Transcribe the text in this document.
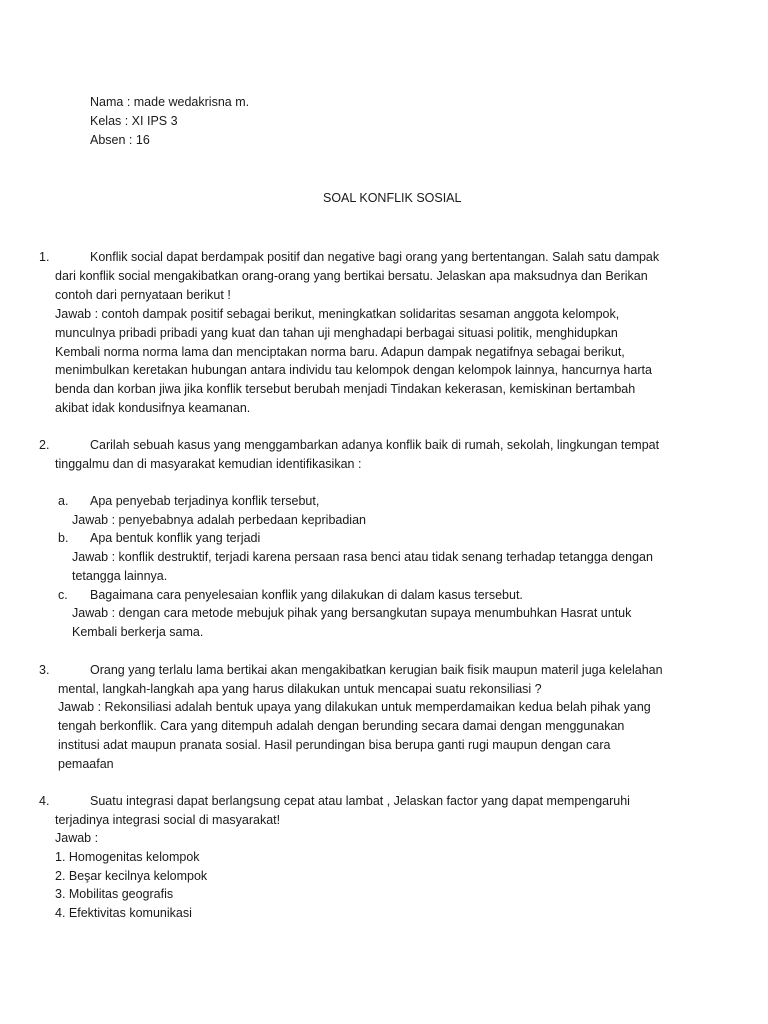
Nama : made wedakrisna m.
Kelas : XI IPS 3
Absen : 16
SOAL KONFLIK SOSIAL
1.	Konflik social dapat berdampak positif dan negative bagi orang yang bertentangan. Salah satu dampak
dari konflik social mengakibatkan orang-orang yang bertikai bersatu. Jelaskan apa maksudnya dan Berikan
contoh dari pernyataan berikut !
Jawab : contoh dampak positif sebagai berikut, meningkatkan solidaritas sesaman anggota kelompok,
munculnya pribadi pribadi yang kuat dan tahan uji menghadapi berbagai situasi politik, menghidupkan
Kembali norma norma lama dan menciptakan norma baru. Adapun dampak negatifnya sebagai berikut,
menimbulkan keretakan hubungan antara individu tau kelompok dengan kelompok lainnya, hancurnya harta
benda dan korban jiwa jika konflik tersebut berubah menjadi Tindakan kekerasan, kemiskinan bertambah
akibat idak kondusifnya keamanan.
2.	Carilah sebuah kasus yang menggambarkan adanya konflik baik di rumah, sekolah, lingkungan tempat
tinggalmu dan di masyarakat kemudian identifikasikan :
a. Apa penyebab terjadinya konflik tersebut,
Jawab : penyebabnya adalah perbedaan kepribadian
b. Apa bentuk konflik yang terjadi
Jawab : konflik destruktif, terjadi karena persaan rasa benci atau tidak senang terhadap tetangga dengan
tetangga lainnya.
c. Bagaimana cara penyelesaian konflik yang dilakukan di dalam kasus tersebut.
Jawab : dengan cara metode mebujuk pihak yang bersangkutan supaya menumbuhkan Hasrat untuk
Kembali berkerja sama.
3.	Orang yang terlalu lama bertikai akan mengakibatkan kerugian baik fisik maupun materil juga kelelahan
mental, langkah-langkah apa yang harus dilakukan untuk mencapai suatu rekonsiliasi ?
Jawab : Rekonsiliasi adalah bentuk upaya yang dilakukan untuk memperdamaikan kedua belah pihak yang
tengah berkonflik. Cara yang ditempuh adalah dengan berunding secara damai dengan menggunakan
institusi adat maupun pranata sosial. Hasil perundingan bisa berupa ganti rugi maupun dengan cara
pemaafan
4.	Suatu integrasi dapat berlangsung cepat atau lambat , Jelaskan factor yang dapat mempengaruhi
terjadinya integrasi social di masyarakat!
Jawab :
1. Homogenitas kelompok
2. Beşar kecilnya kelompok
3. Mobilitas geografis
4. Efektivitas komunikasi
